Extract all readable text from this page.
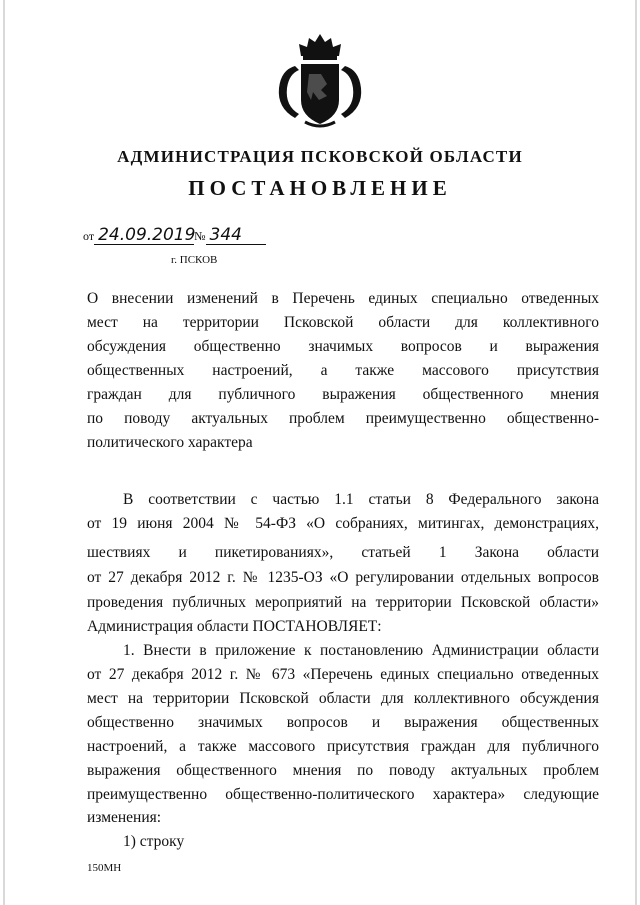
АДМИНИСТРАЦИЯ ПСКОВСКОЙ ОБЛАСТИ
ПОСТАНОВЛЕНИЕ
от 24.09.2019№ 344
г. ПСКОВ
О внесении изменений в Перечень единых специально отведенных
мест на территории Псковской области для коллективного
обсуждения общественно значимых вопросов и выражения
общественных настроений, а также массового присутствия
граждан для публичного выражения общественного мнения
по поводу актуальных проблем преимущественно общественно-
политического характера
В соответствии с частью 1.1 статьи 8 Федерального закона
от 19 июня 2004 № 54-ФЗ «О собраниях, митингах, демонстрациях,
шествиях и пикетированиях», статьей 1 Закона области
от 27 декабря 2012 г. № 1235-ОЗ «О регулировании отдельных вопросов
проведения публичных мероприятий на территории Псковской области»
Администрация области ПОСТАНОВЛЯЕТ:
1. Внести в приложение к постановлению Администрации области
от 27 декабря 2012 г. № 673 «Перечень единых специально отведенных
мест на территории Псковской области для коллективного обсуждения
общественно значимых вопросов и выражения общественных
настроений, а также массового присутствия граждан для публичного
выражения общественного мнения по поводу актуальных проблем
преимущественно общественно-политического характера» следующие
изменения:
1) строку
150МН
